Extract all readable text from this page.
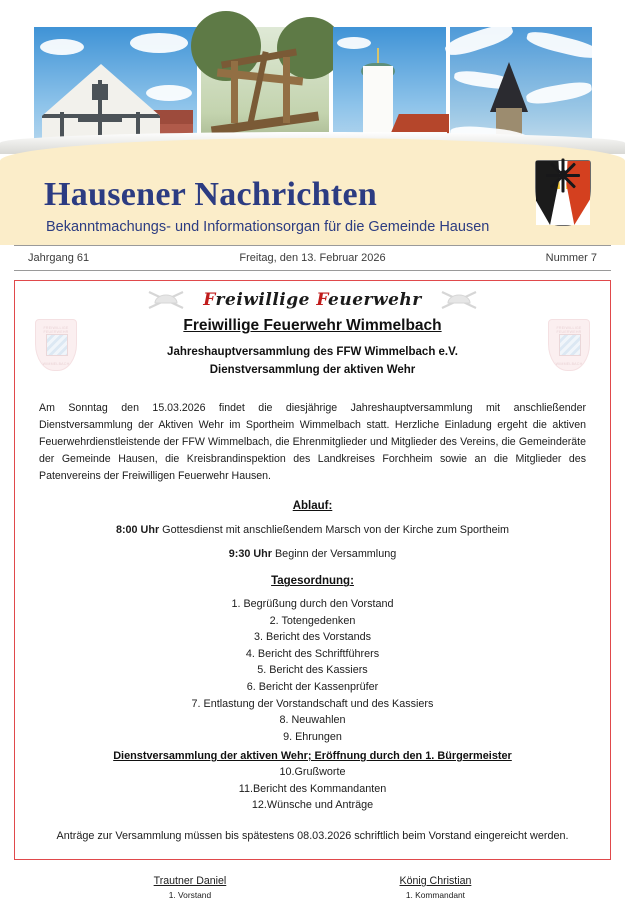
Hausener Nachrichten
Bekanntmachungs- und Informationsorgan für die Gemeinde Hausen
Jahrgang 61	Freitag, den 13. Februar 2026	Nummer 7
FREIWILLIGE
FEUERWEHR
WIMMELBACH
FREIWILLIGE
FEUERWEHR
WIMMELBACH
Freiwillige Feuerwehr
Freiwillige Feuerwehr Wimmelbach
Jahreshauptversammlung des FFW Wimmelbach e.V.
Dienstversammlung der aktiven Wehr
Am Sonntag den 15.03.2026 findet die diesjährige Jahreshauptversammlung mit anschließender Dienstversammlung der Aktiven Wehr im Sportheim Wimmelbach statt. Herzliche Einladung ergeht die aktiven Feuerwehrdienstleistende der FFW Wimmelbach, die Ehrenmitglieder und Mitglieder des Vereins, die Gemeinderäte der Gemeinde Hausen, die Kreisbrandinspektion des Landkreises Forchheim sowie an die Mitglieder des Patenvereins der Freiwilligen Feuerwehr Hausen.
Ablauf:
8:00 Uhr Gottesdienst mit anschließendem Marsch von der Kirche zum Sportheim
9:30 Uhr Beginn der Versammlung
Tagesordnung:
1. Begrüßung durch den Vorstand
2. Totengedenken
3. Bericht des Vorstands
4. Bericht des Schriftführers
5. Bericht des Kassiers
6. Bericht der Kassenprüfer
7. Entlastung der Vorstandschaft und des Kassiers
8. Neuwahlen
9. Ehrungen
Dienstversammlung der aktiven Wehr; Eröffnung durch den 1. Bürgermeister
10.Grußworte
11.Bericht des Kommandanten
12.Wünsche und Anträge
Anträge zur Versammlung müssen bis spätestens 08.03.2026 schriftlich beim Vorstand eingereicht werden.
Trautner Daniel
1. Vorstand
König Christian
1. Kommandant
